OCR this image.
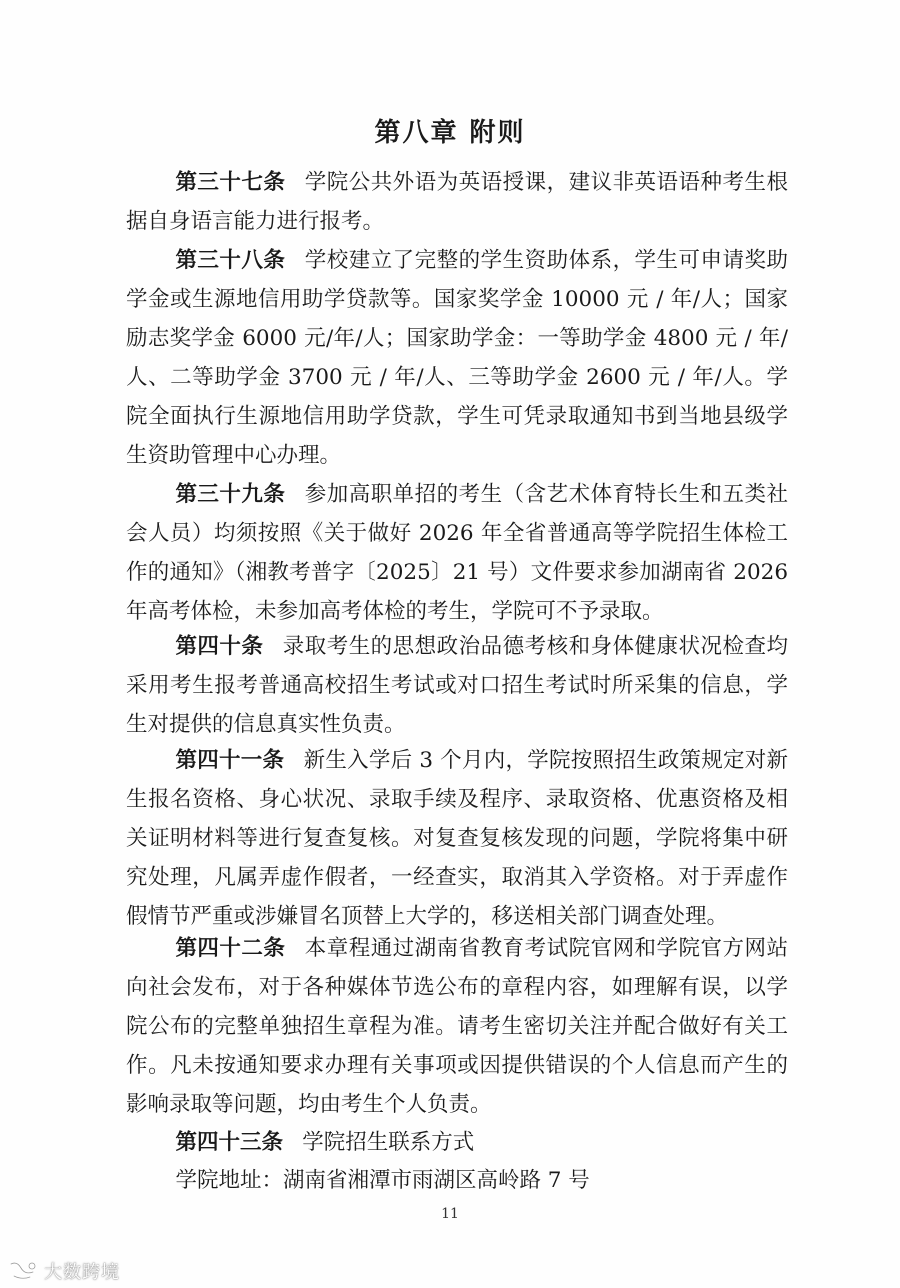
第八章 附则

第三十七条 学院公共外语为英语授课，建议非英语语种考生根据自身语言能力进行报考。

第三十八条 学校建立了完整的学生资助体系，学生可申请奖助学金或生源地信用助学贷款等。国家奖学金 10000 元 / 年/人；国家励志奖学金 6000 元/年/人；国家助学金：一等助学金 4800 元 / 年/人、二等助学金 3700 元 / 年/人、三等助学金 2600 元 / 年/人。学院全面执行生源地信用助学贷款，学生可凭录取通知书到当地县级学生资助管理中心办理。

第三十九条 参加高职单招的考生（含艺术体育特长生和五类社会人员）均须按照《关于做好 2026 年全省普通高等学院招生体检工作的通知》（湘教考普字〔2025〕21 号）文件要求参加湖南省 2026 年高考体检，未参加高考体检的考生，学院可不予录取。

第四十条 录取考生的思想政治品德考核和身体健康状况检查均采用考生报考普通高校招生考试或对口招生考试时所采集的信息，学生对提供的信息真实性负责。

第四十一条 新生入学后 3 个月内，学院按照招生政策规定对新生报名资格、身心状况、录取手续及程序、录取资格、优惠资格及相关证明材料等进行复查复核。对复查复核发现的问题，学院将集中研究处理，凡属弄虚作假者，一经查实，取消其入学资格。对于弄虚作假情节严重或涉嫌冒名顶替上大学的，移送相关部门调查处理。

第四十二条 本章程通过湖南省教育考试院官网和学院官方网站向社会发布，对于各种媒体节选公布的章程内容，如理解有误，以学院公布的完整单独招生章程为准。请考生密切关注并配合做好有关工作。凡未按通知要求办理有关事项或因提供错误的个人信息而产生的影响录取等问题，均由考生个人负责。

第四十三条 学院招生联系方式

学院地址：湖南省湘潭市雨湖区高岭路 7 号

11
大数跨境
